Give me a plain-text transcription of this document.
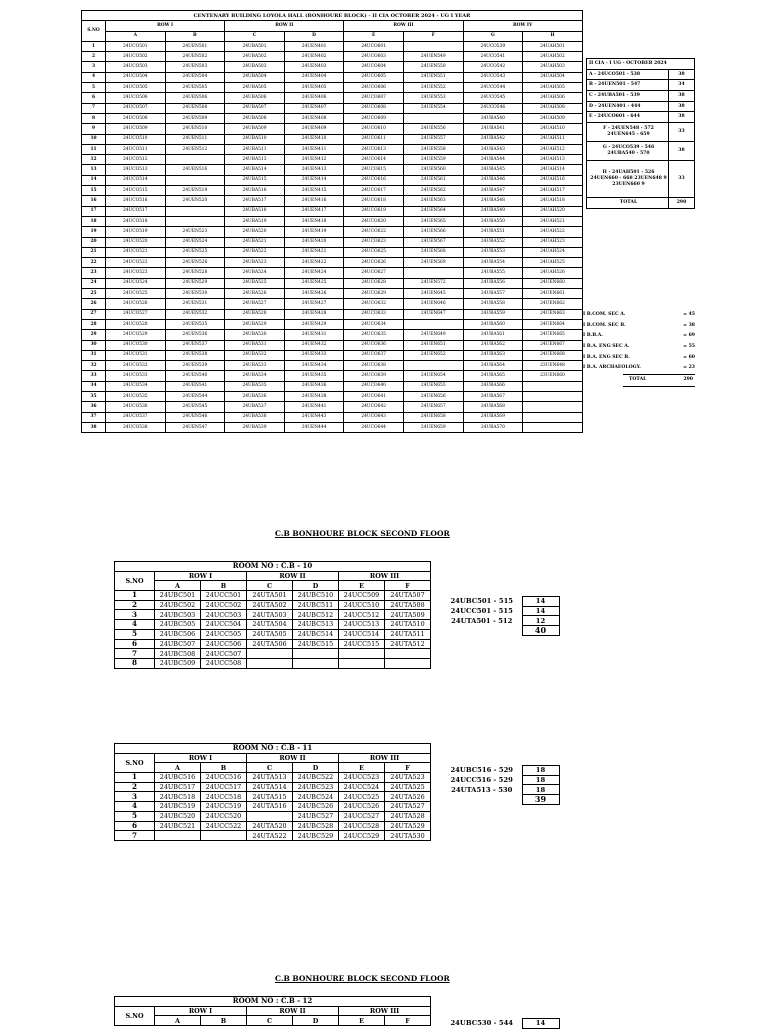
CENTENARY BUILDING LOYOLA HALL (BONHOURE BLOCK) - II CIA OCTOBER 2024 - UG I YEAR								
S.NO	ROW I		ROW II		ROW III		ROW IV	
	A	B	C	D	E	F	G	H
1	24UCO501	24UEN501	24UBA501	24UEN401	24UCO601		24UCO539	24UAH501
2	24UCO502	24UEN502	24UBA502	24UEN402	24UCO603	24UEN549	24UCO541	24UAH502
3	24UCO503	24UEN503	24UBA503	24UEN403	24UCO604	24UEN550	24UCO542	24UAH503
4	24UCO504	24UEN504	24UBA504	24UEN404	24UCO605	24UEN551	24UCO543	24UAH504
5	24UCO505	24UEN505	24UBA505	24UEN405	24UCO606	24UEN552	24UCO544	24UAH505
6	24UCO506	24UEN506	24UBA506	24UEN406	24UCO607	24UEN553	24UCO545	24UAH506
7	24UCO507	24UEN508	24UBA507	24UEN407	24UCO608	24UEN554	24UCO546	24UAH508
8	24UCO508	24UEN509	24UBA508	24UEN408	24UCO609		24UBA540	24UAH509
9	24UCO509	24UEN510	24UBA509	24UEN409	24UCO610	24UEN556	24UBA541	24UAH510
10	24UCO510	24UEN511	24UBA510	24UEN410	24UCO611	24UEN557	24UBA542	24UAH511
11	24UCO511	24UEN512	24UBA511	24UEN411	24UCO613	24UEN558	24UBA543	24UAH512
12	24UCO512		24UBA513	24UEN412	24UCO614	24UEN559	24UBA544	24UAH513
13	24UCO513	24UEN516	24UBA514	24UEN413	24UCO615	24UEN560	24UBA545	24UAH514
14	24UCO514		24UBA515	24UEN414	24UCO616	24UEN561	24UBA546	24UAH516
15	24UCO515	24UEN519	24UBA516	24UEN415	24UCO617	24UEN562	24UBA547	24UAH517
16	24UCO516	24UEN520	24UBA517	24UEN416	24UCO618	24UEN563	24UBA548	24UAH518
17	24UCO517		24UBA518	24UEN417	24UCO619	24UEN564	24UBA549	24UAH520
18	24UCO518		24UBA519	24UEN418	24UCO620	24UEN565	24UBA550	24UAH521
19	24UCO519	24UEN523	24UBA520	24UEN419	24UCO622	24UEN566	24UBA551	24UAH522
20	24UCO520	24UEN524	24UBA521	24UEN420	24UCO623	24UEN567	24UBA552	24UAH523
21	24UCO521	24UEN525	24UBA522	24UEN421	24UCO625	24UEN568	24UBA553	24UAH524
22	24UCO522	24UEN526	24UBA523	24UEN422	24UCO626	24UEN569	24UBA554	24UAH525
23	24UCO523	24UEN528	24UBA524	24UEN424	24UCO627		24UBA555	24UAH526
24	24UCO524	24UEN529	24UBA525	24UEN425	24UCO628	24UEN572	24UBA556	24UEN660
25	24UCO525	24UEN530	24UBA526	24UEN426	24UCO629	24UEN645	24UBA557	24UEN661
26	24UCO526	24UEN531	24UBA527	24UEN427	24UCO632	24UEN646	24UBA558	24UEN662
27	24UCO527	24UEN532	24UBA528	24UEN428	24UCO633	24UEN647	24UBA559	24UEN663
28	24UCO528	24UEN535	24UBA529	24UEN429	24UCO634		24UBA560	24UEN664
29	24UCO529	24UEN536	24UBA530	24UEN431	24UCO635	24UEN649	24UBA561	24UEN665
30	24UCO530	24UEN537	24UBA531	24UEN432	24UCO636	24UEN651	24UBA562	24UEN667
31	24UCO531	24UEN538	24UBA532	24UEN433	24UCO637	24UEN652	24UBA563	24UEN668
32	24UCO532	24UEN539	24UBA533	24UEN434	24UCO638		24UBA564	23UEN648
33	24UCO533	24UEN540	24UBA534	24UEN435	24UCO639	24UEN654	24UBA565	23UEN660
34	24UCO534	24UEN541	24UBA535	24UEN436	24UCO640	24UEN655	24UBA566	
35	24UCO535	24UEN544	24UBA536	24UEN438	24UCO641	24UEN656	24UBA567	
36	24UCO536	24UEN545	24UBA537	24UEN441	24UCO642	24UEN657	24UBA568	
37	24UCO537	24UEN546	24UBA538	24UEN443	24UCO643	24UEN658	24UBA569	
38	24UCO538	24UEN547	24UBA539	24UEN444	24UCO644	24UEN659	24UBA570	
II CIA - I UG - OCTOBER 2024	
A - 24UCO501 - 538	38
B - 24UEN501 - 547	34
C - 24UBA501 - 539	38
D - 24UEN401 - 444	38
E - 24UCO601 - 644	38
F - 24UEN548 - 572 24UEN645 - 659	33
G - 24UCO539 - 546 24UBA540 - 570	38
H - 24UAH501 - 526 24UEN660 - 668 23UEN648 9 23UEN660 9	33
TOTAL	290
I B.COM. SEC A.	= 45
I B.COM. SEC B.	= 38
I B.B.A.	= 69
I B.A. ENG SEC A.	= 55
I B.A. ENG SEC B.	= 60
I B.A. ARCHAEOLOGY.	= 23
TOTAL	290
C.B BONHOURE BLOCK SECOND FLOOR
ROOM NO : C.B - 10						
S.NO	ROW I		ROW II		ROW III	
	A	B	C	D	E	F
1	24UBC501	24UCC501	24UTA501	24UBC510	24UCC509	24UTA507
2	24UBC502	24UCC502	24UTA502	24UBC511	24UCC510	24UTA508
3	24UBC503	24UCC503	24UTA503	24UBC512	24UCC512	24UTA509
4	24UBC505	24UCC504	24UTA504	24UBC513	24UCC513	24UTA510
5	24UBC506	24UCC505	24UTA505	24UBC514	24UCC514	24UTA511
6	24UBC507	24UCC506	24UTA506	24UBC515	24UCC515	24UTA512
7	24UBC508	24UCC507				
8	24UBC509	24UCC508				
24UBC501 - 515	14
24UCC501 - 515	14
24UTA501 - 512	12
	40
ROOM NO : C.B - 11						
S.NO	ROW I		ROW II		ROW III	
	A	B	C	D	E	F
1	24UBC516	24UCC516	24UTA513	24UBC522	24UCC523	24UTA523
2	24UBC517	24UCC517	24UTA514	24UBC523	24UCC524	24UTA525
3	24UBC518	24UCC518	24UTA515	24UBC524	24UCC525	24UTA526
4	24UBC519	24UCC519	24UTA516	24UBC526	24UCC526	24UTA527
5	24UBC520	24UCC520		24UBC527	24UCC527	24UTA528
6	24UBC521	24UCC522	24UTA520	24UBC528	24UCC528	24UTA529
7			24UTA522	24UBC529	24UCC529	24UTA530
24UBC516 - 529	18
24UCC516 - 529	18
24UTA513 - 530	18
	39
C.B BONHOURE BLOCK SECOND FLOOR
ROOM NO : C.B - 12						
S.NO	ROW I		ROW II		ROW III	
	A	B	C	D	E	F	24UBC530 - 544	14
